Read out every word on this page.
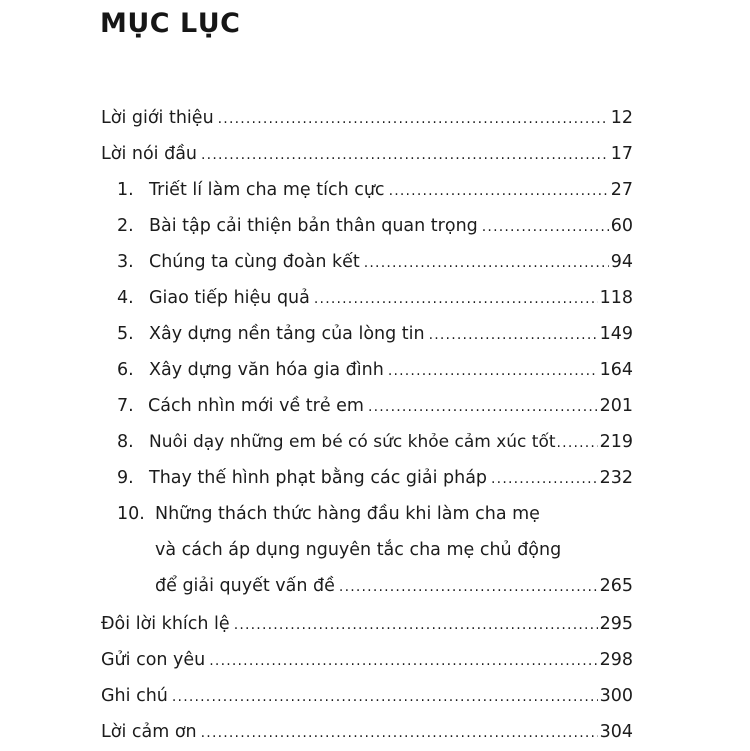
MỤC LỤC
Lời giới thiệu .....	12
Lời nói đầu .....	17
1. Triết lí làm cha mẹ tích cực .....	27
2. Bài tập cải thiện bản thân quan trọng .....	60
3. Chúng ta cùng đoàn kết .....	94
4. Giao tiếp hiệu quả .....	118
5. Xây dựng nền tảng của lòng tin .....	149
6. Xây dựng văn hóa gia đình .....	164
7. Cách nhìn mới về trẻ em .....	201
8. Nuôi dạy những em bé có sức khỏe cảm xúc tốt .....	219
9. Thay thế hình phạt bằng các giải pháp .....	232
10. Những thách thức hàng đầu khi làm cha mẹ
và cách áp dụng nguyên tắc cha mẹ chủ động
để giải quyết vấn đề .....	265
Đôi lời khích lệ .....	295
Gửi con yêu .....	298
Ghi chú .....	300
Lời cảm ơn .....	304
